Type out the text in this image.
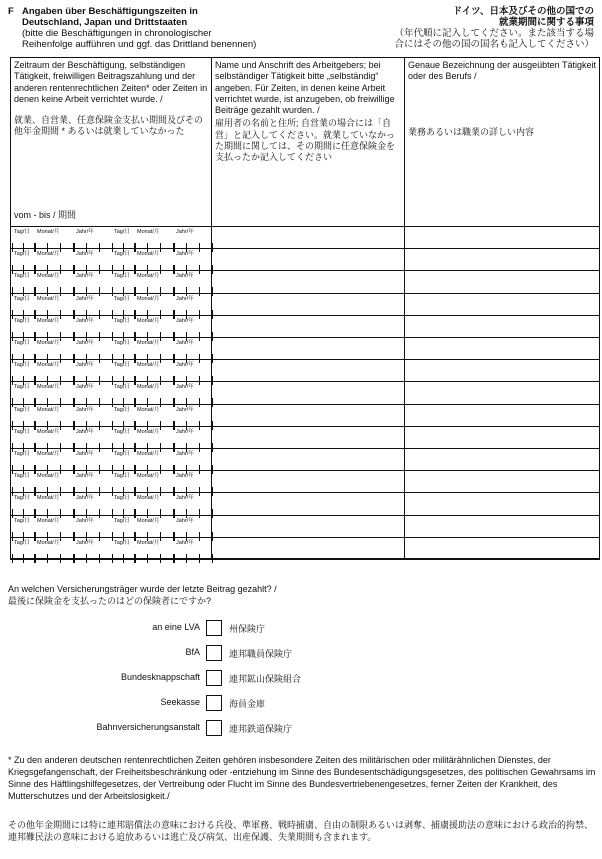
F Angaben über Beschäftigungszeiten in
Deutschland, Japan und Drittstaaten
(bitte die Beschäftigungen in chronologischer
Reihenfolge aufführen und ggf. das Drittland benennen)
ドイツ、日本及びその他の国での
就業期間に関する事項
（年代順に記入してください。また該当する場
合にはその他の国の国名も記入してください）
Zeitraum der Beschäftigung, selbständigen Tätigkeit, freiwilligen Beitragszahlung und der anderen rentenrechtlichen Zeiten* oder Zeiten in denen keine Arbeit verrichtet wurde. /
就業、自営業、任意保険金支払い期間及びその他年金期間 * あるいは就業していなかった
vom - bis / 期間
Name und Anschrift des Arbeitgebers; bei selbständiger Tätigkeit bitte „selbständig“ angeben. Für Zeiten, in denen keine Arbeit verrichtet wurde, ist anzugeben, ob freiwillige Beiträge gezahlt wurden. /
雇用者の名前と住所; 自営業の場合には「自営」と記入してください。就業していなかった期間に関しては、その期間に任意保険金を支払ったか記入してください
Genaue Bezeichnung der ausgeübten Tätigkeit oder des Berufs /
業務あるいは職業の詳しい内容
Tag/日 Monat/月	Jahr/年	Tag/日 Monat/月	Jahr/年
Tag/日 Monat/月	Jahr/年	Tag/日 Monat/月	Jahr/年
Tag/日 Monat/月	Jahr/年	Tag/日 Monat/月	Jahr/年
Tag/日 Monat/月	Jahr/年	Tag/日 Monat/月	Jahr/年
Tag/日 Monat/月	Jahr/年	Tag/日 Monat/月	Jahr/年
Tag/日 Monat/月	Jahr/年	Tag/日 Monat/月	Jahr/年
Tag/日 Monat/月	Jahr/年	Tag/日 Monat/月	Jahr/年
Tag/日 Monat/月	Jahr/年	Tag/日 Monat/月	Jahr/年
Tag/日 Monat/月	Jahr/年	Tag/日 Monat/月	Jahr/年
Tag/日 Monat/月	Jahr/年	Tag/日 Monat/月	Jahr/年
Tag/日 Monat/月	Jahr/年	Tag/日 Monat/月	Jahr/年
Tag/日 Monat/月	Jahr/年	Tag/日 Monat/月	Jahr/年
Tag/日 Monat/月	Jahr/年	Tag/日 Monat/月	Jahr/年
Tag/日 Monat/月	Jahr/年	Tag/日 Monat/月	Jahr/年
Tag/日 Monat/月	Jahr/年	Tag/日 Monat/月	Jahr/年
An welchen Versicherungsträger wurde der letzte Beitrag gezahlt? /
最後に保険金を支払ったのはどの保険者にですか?
an eine LVA	州保険庁
BfA	連邦職員保険庁
Bundesknappschaft	連邦鉱山保険組合
Seekasse	海員金庫
Bahnversicherungsanstalt	連邦鉄道保険庁
* Zu den anderen deutschen rentenrechtlichen Zeiten gehören insbesondere Zeiten des militärischen oder militärähnlichen Dienstes, der Kriegsgefangenschaft, der Freiheitsbeschränkung oder -entziehung im Sinne des Bundesentschädigungsgesetzes, des politischen Gewahrsams im Sinne des Häftlingshilfegesetzes, der Vertreibung oder Flucht im Sinne des Bundesvertriebenengesetzes, ferner Zeiten der Krankheit, des Mutterschutzes und der Arbeitslosigkeit./
その他年金期間には特に連邦賠償法の意味における兵役、準軍務、戦時捕虜、自由の制限あるいは剥奪、捕虜援助法の意味における政治的拘禁、連邦難民法の意味における追放あるいは逃亡及び病気、出産保護、失業期間も含まれます。
